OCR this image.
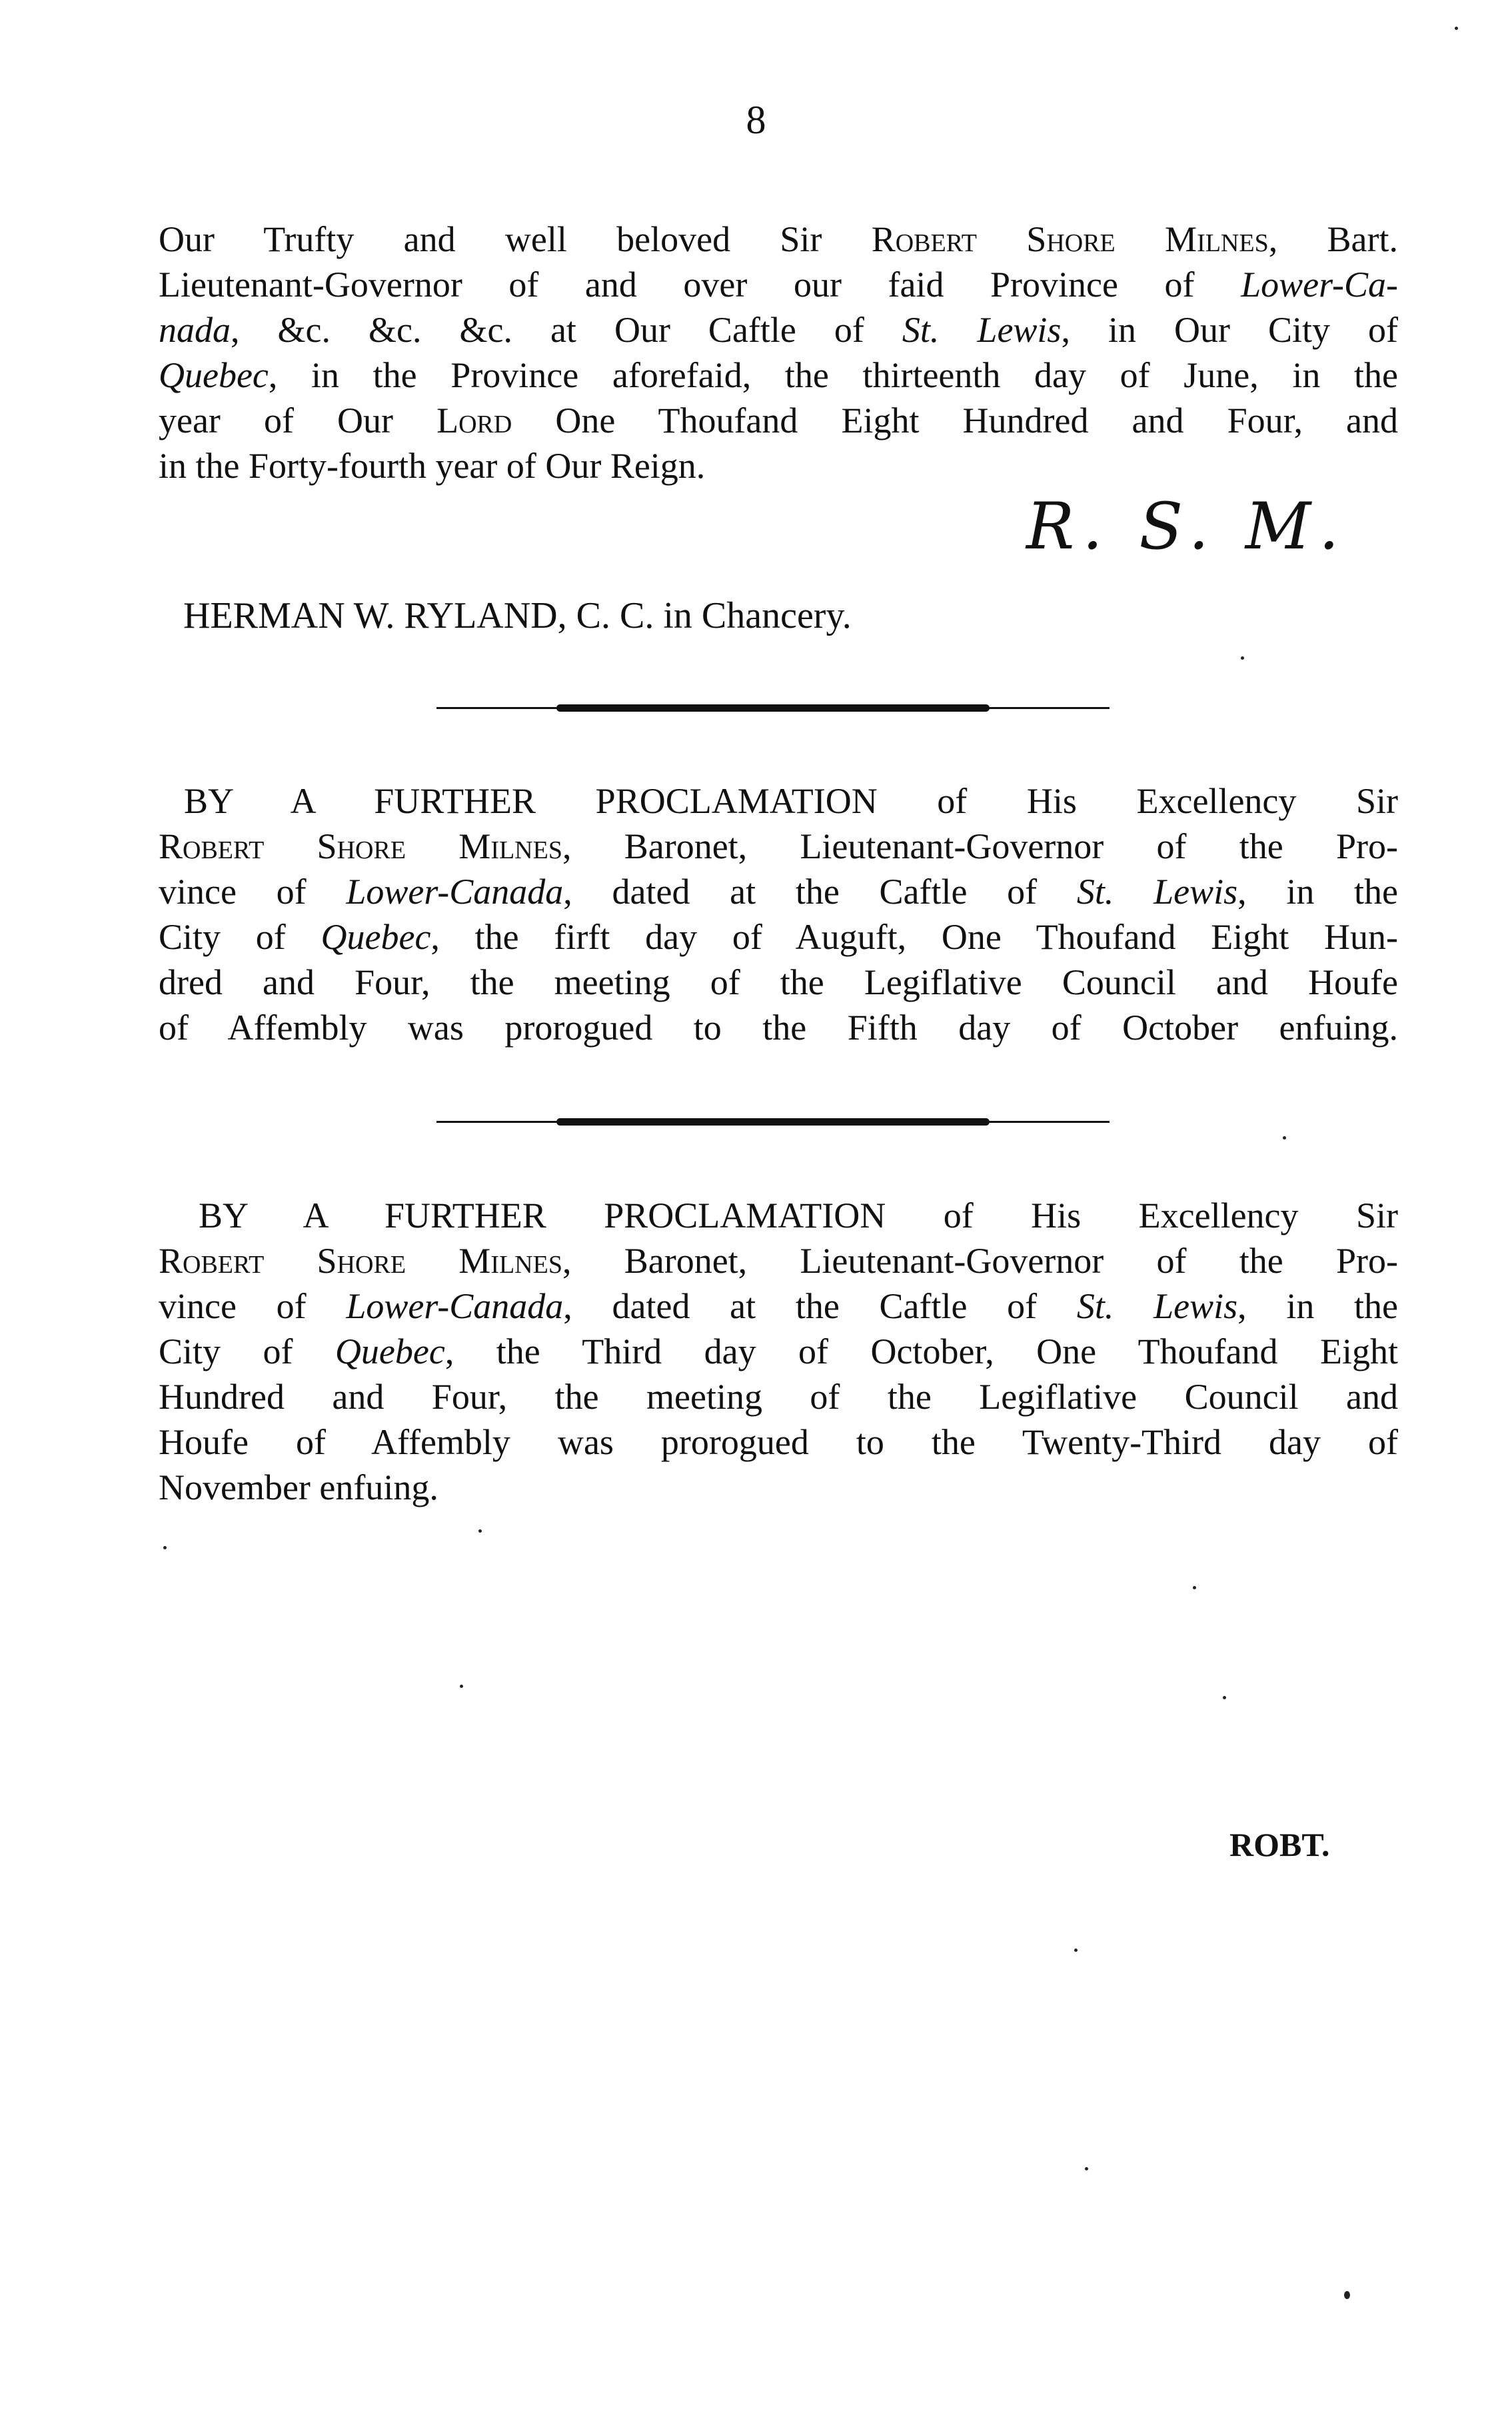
8
Our Trufty and well beloved Sir Robert Shore Milnes, Bart.
Lieutenant-Governor of and over our faid Province of Lower-Ca-
nada, &c. &c. &c. at Our Caftle of St. Lewis, in Our City of
Quebec, in the Province aforefaid, the thirteenth day of June, in the
year of Our Lord One Thoufand Eight Hundred and Four, and
in the Forty-fourth year of Our Reign.
R. S. M.
HERMAN W. RYLAND, C. C. in Chancery.
BY A FURTHER PROCLAMATION of His Excellency Sir
Robert Shore Milnes, Baronet, Lieutenant-Governor of the Pro-
vince of Lower-Canada, dated at the Caftle of St. Lewis, in the
City of Quebec, the firft day of Auguft, One Thoufand Eight Hun-
dred and Four, the meeting of the Legiflative Council and Houfe
of Affembly was prorogued to the Fifth day of October enfuing.
BY A FURTHER PROCLAMATION of His Excellency Sir
Robert Shore Milnes, Baronet, Lieutenant-Governor of the Pro-
vince of Lower-Canada, dated at the Caftle of St. Lewis, in the
City of Quebec, the Third day of October, One Thoufand Eight
Hundred and Four, the meeting of the Legiflative Council and
Houfe of Affembly was prorogued to the Twenty-Third day of
November enfuing.
ROBT.
